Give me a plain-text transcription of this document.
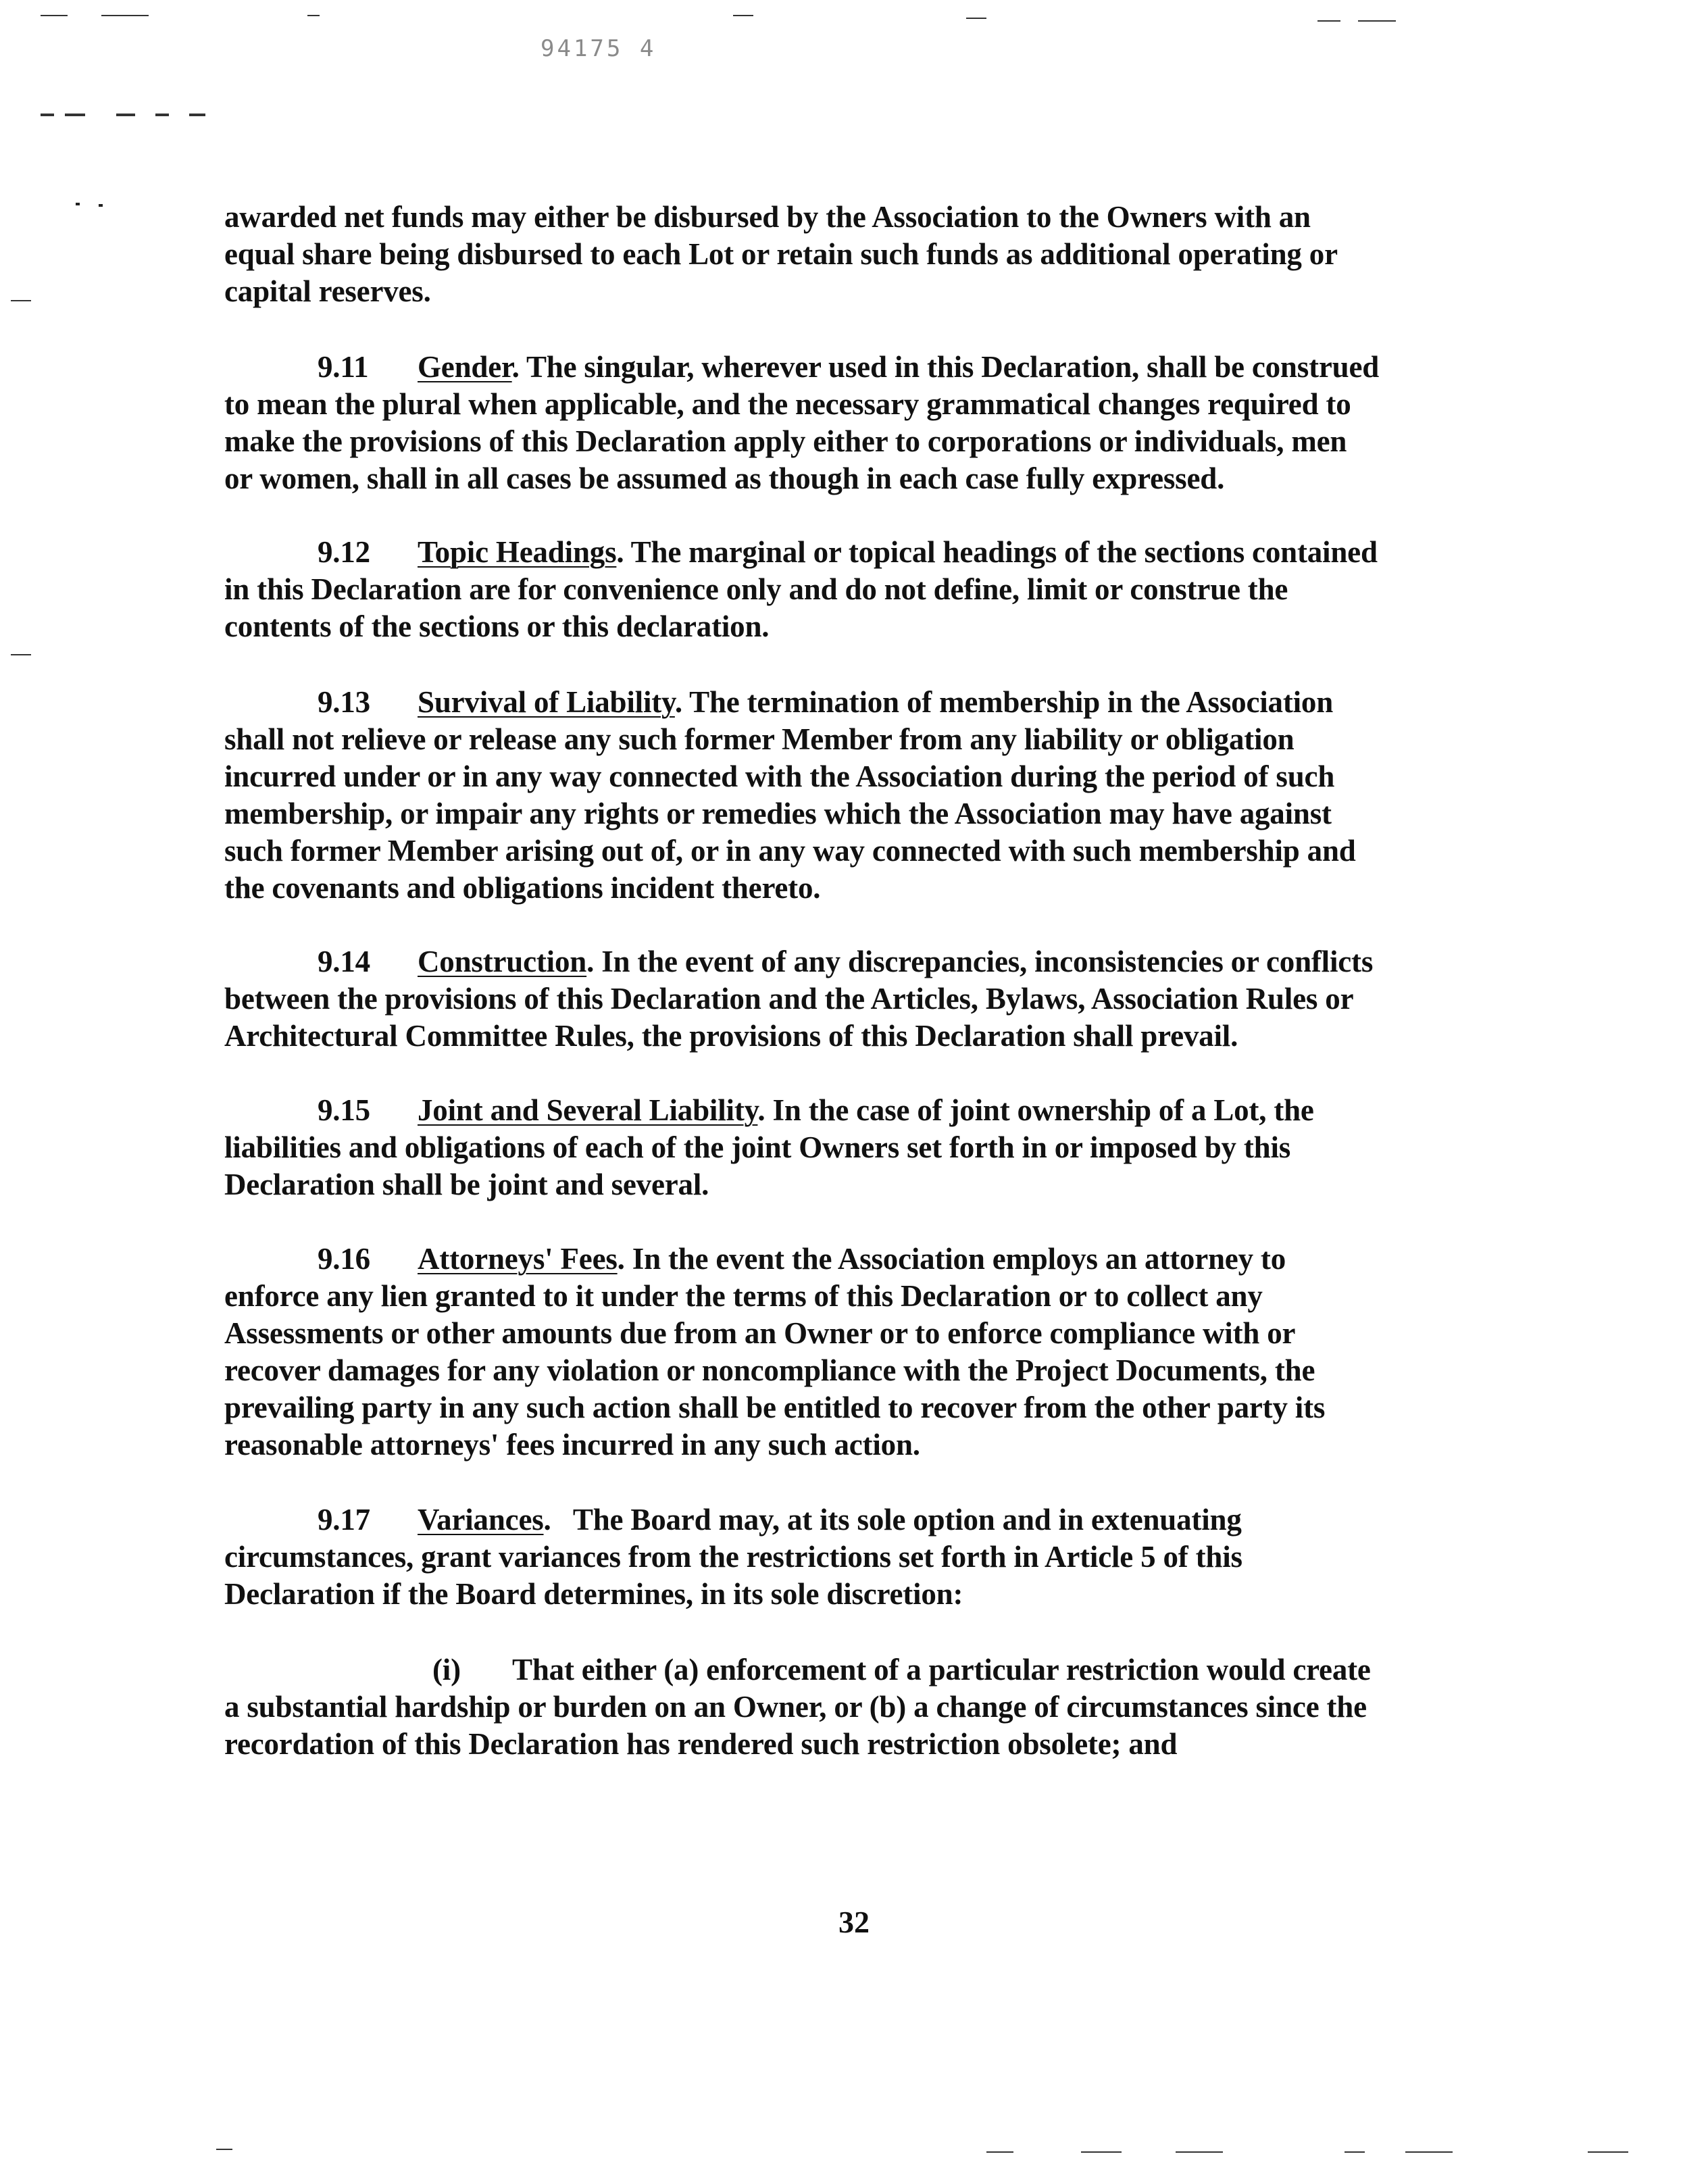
94175 4
awarded net funds may either be disbursed by the Association to the Owners with an
equal share being disbursed to each Lot or retain such funds as additional operating or
capital reserves.
9.11 Gender. The singular, wherever used in this Declaration, shall be construed
to mean the plural when applicable, and the necessary grammatical changes required to
make the provisions of this Declaration apply either to corporations or individuals, men
or women, shall in all cases be assumed as though in each case fully expressed.
9.12 Topic Headings. The marginal or topical headings of the sections contained
in this Declaration are for convenience only and do not define, limit or construe the
contents of the sections or this declaration.
9.13 Survival of Liability. The termination of membership in the Association
shall not relieve or release any such former Member from any liability or obligation
incurred under or in any way connected with the Association during the period of such
membership, or impair any rights or remedies which the Association may have against
such former Member arising out of, or in any way connected with such membership and
the covenants and obligations incident thereto.
9.14 Construction. In the event of any discrepancies, inconsistencies or conflicts
between the provisions of this Declaration and the Articles, Bylaws, Association Rules or
Architectural Committee Rules, the provisions of this Declaration shall prevail.
9.15 Joint and Several Liability. In the case of joint ownership of a Lot, the
liabilities and obligations of each of the joint Owners set forth in or imposed by this
Declaration shall be joint and several.
9.16 Attorneys' Fees. In the event the Association employs an attorney to
enforce any lien granted to it under the terms of this Declaration or to collect any
Assessments or other amounts due from an Owner or to enforce compliance with or
recover damages for any violation or noncompliance with the Project Documents, the
prevailing party in any such action shall be entitled to recover from the other party its
reasonable attorneys' fees incurred in any such action.
9.17 Variances.   The Board may, at its sole option and in extenuating
circumstances, grant variances from the restrictions set forth in Article 5 of this
Declaration if the Board determines, in its sole discretion:
(i) That either (a) enforcement of a particular restriction would create
a substantial hardship or burden on an Owner, or (b) a change of circumstances since the
recordation of this Declaration has rendered such restriction obsolete; and
32
